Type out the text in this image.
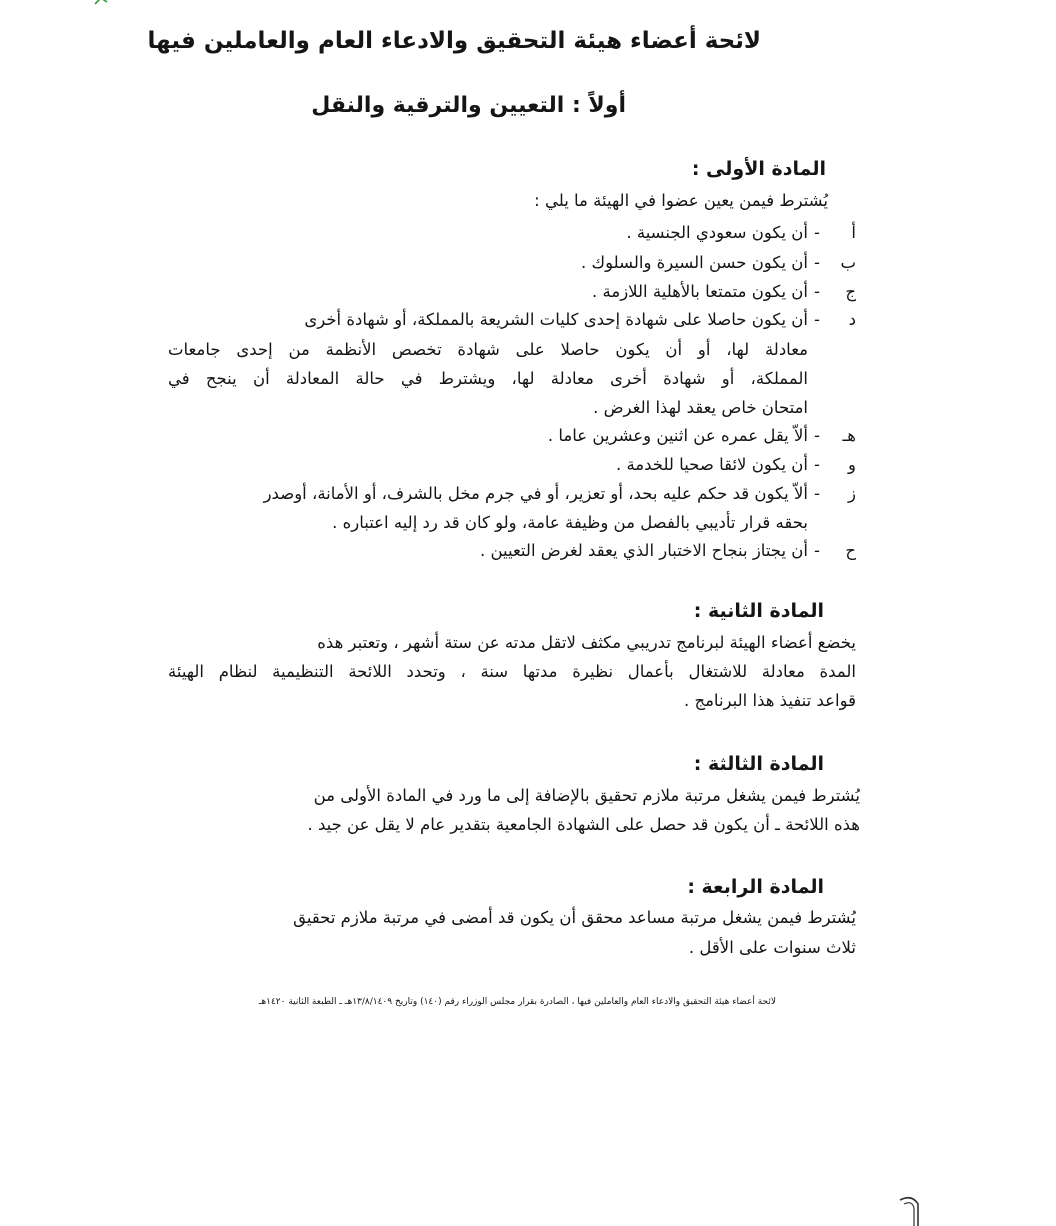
لائحة أعضاء هيئة التحقيق والادعاء العام والعاملين فيها
أولاً : التعيين والترقية والنقل
المادة الأولى :
يُشترط فيمن يعين عضوا في الهيئة ما يلي :
أ
-
أن يكون سعودي الجنسية .
ب
-
أن يكون حسن السيرة والسلوك .
ج
-
أن يكون متمتعا بالأهلية اللازمة .
د
-
أن يكون حاصلا على شهادة إحدى كليات الشريعة بالمملكة، أو شهادة أخرى
معادلة لها، أو أن يكون حاصلا على شهادة تخصص الأنظمة من إحدى جامعات
المملكة، أو شهادة أخرى معادلة لها، ويشترط في حالة المعادلة أن ينجح في
امتحان خاص يعقد لهذا الغرض .
هـ
-
ألاّ يقل عمره عن اثنين وعشرين عاما .
و
-
أن يكون لائقا صحيا للخدمة .
ز
-
ألاّ يكون قد حكم عليه بحد، أو تعزير، أو في جرم مخل بالشرف، أو الأمانة، أوصدر
بحقه قرار تأديبي بالفصل من وظيفة عامة، ولو كان قد رد إليه اعتباره .
ح
-
أن يجتاز بنجاح الاختبار الذي يعقد لغرض التعيين .
المادة الثانية :
يخضع أعضاء الهيئة لبرنامج تدريبي مكثف لاتقل مدته عن ستة أشهر ، وتعتبر هذه
المدة معادلة للاشتغال بأعمال نظيرة مدتها سنة ، وتحدد اللائحة التنظيمية لنظام الهيئة
قواعد تنفيذ هذا البرنامج .
المادة الثالثة :
يُشترط فيمن يشغل مرتبة ملازم تحقيق بالإضافة إلى ما ورد في المادة الأولى من
هذه اللائحة ـ أن يكون قد حصل على الشهادة الجامعية بتقدير عام لا يقل عن جيد .
المادة الرابعة :
يُشترط فيمن يشغل مرتبة مساعد محقق أن يكون قد أمضى في مرتبة ملازم تحقيق
ثلاث سنوات على الأقل .
لائحة أعضاء هيئة التحقيق والادعاء العام والعاملين فيها ، الصادرة بقرار مجلس الوزراء رقم (١٤٠) وتاريخ ١٣/٨/١٤٠٩هـ ـ الطبعة الثانية ١٤٢٠هـ
